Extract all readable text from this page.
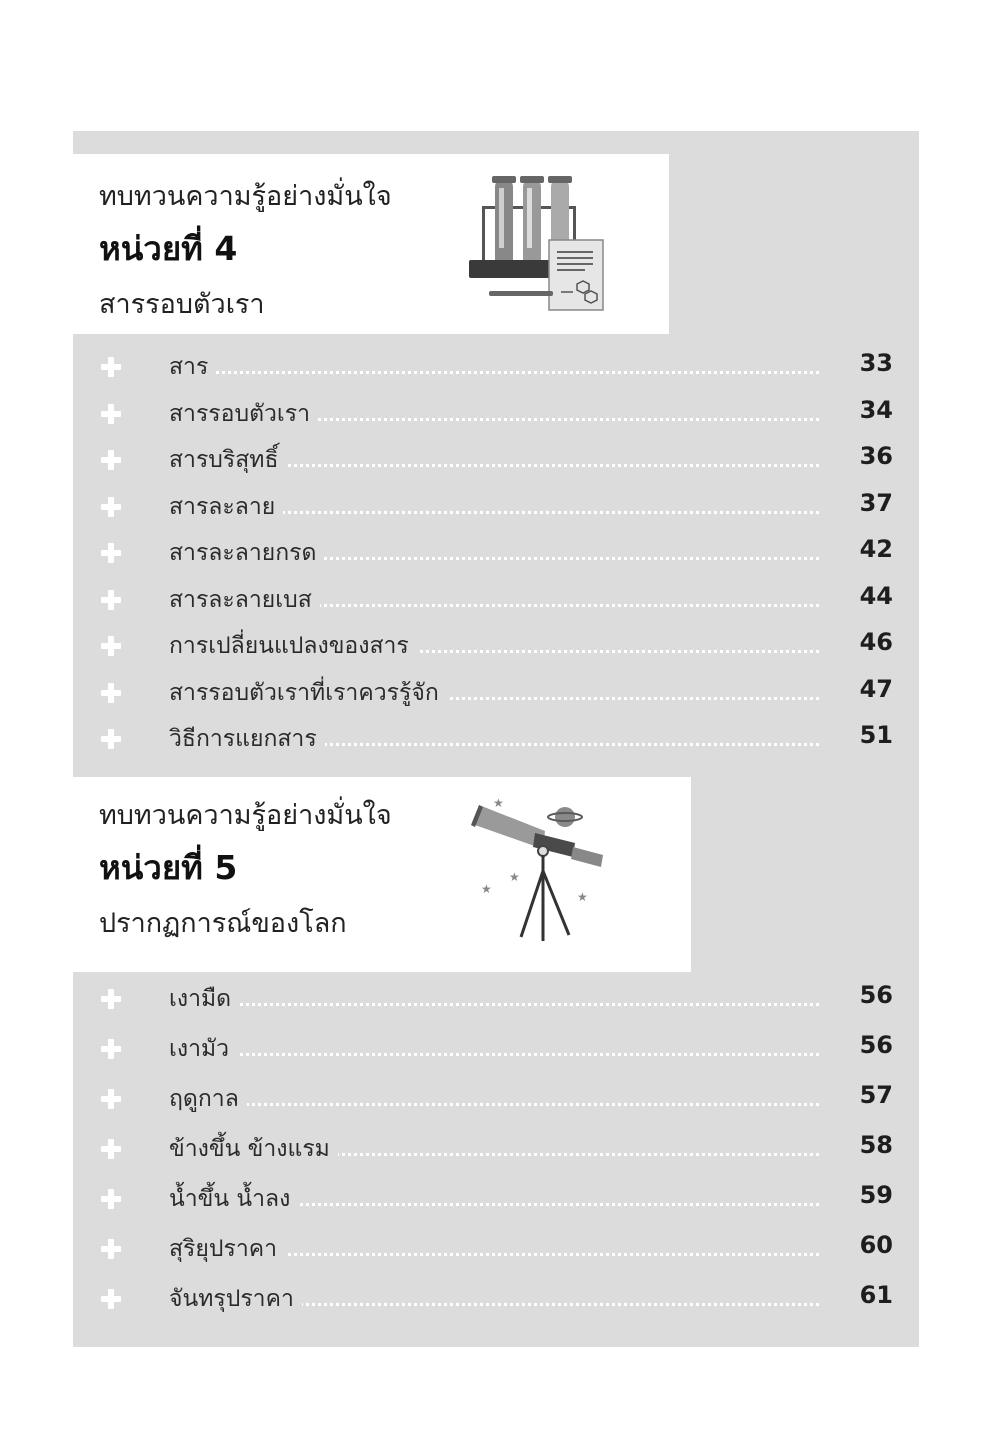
ทบทวนความรู้อย่างมั่นใจ
หน่วยที่ 4
สารรอบตัวเรา
สาร	33
สารรอบตัวเรา	34
สารบริสุทธิ์	36
สารละลาย	37
สารละลายกรด	42
สารละลายเบส	44
การเปลี่ยนแปลงของสาร	46
สารรอบตัวเราที่เราควรรู้จัก	47
วิธีการแยกสาร	51
ทบทวนความรู้อย่างมั่นใจ
หน่วยที่ 5
ปรากฏการณ์ของโลก
★
★
★
★
เงามืด	56
เงามัว	56
ฤดูกาล	57
ข้างขึ้น ข้างแรม	58
น้ำขึ้น น้ำลง	59
สุริยุปราคา	60
จันทรุปราคา	61
